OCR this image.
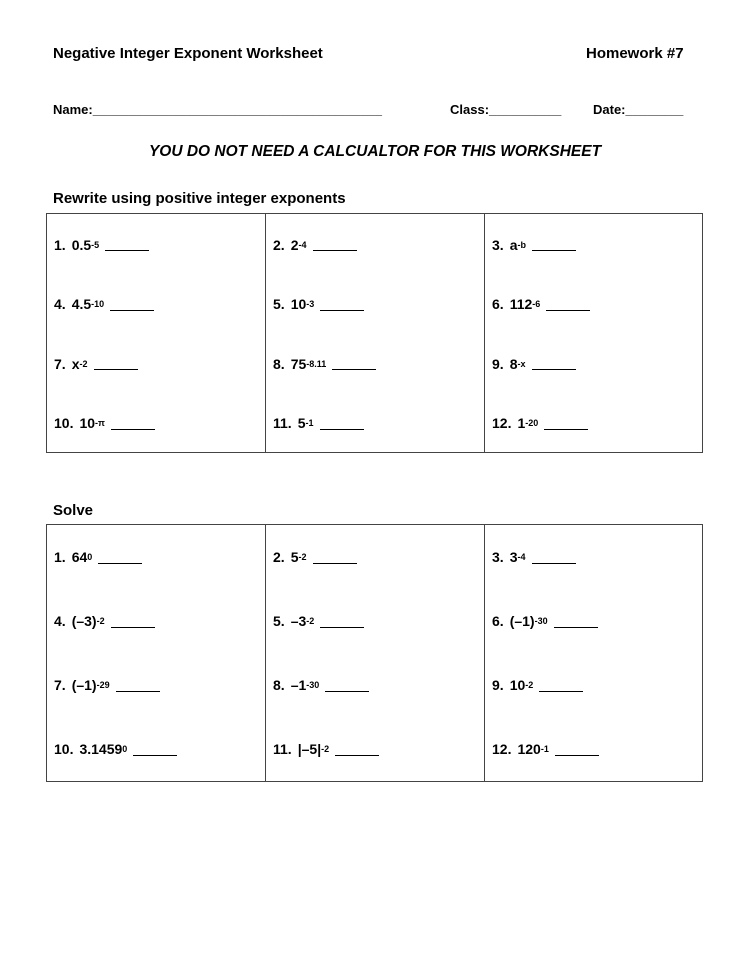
Negative Integer Exponent Worksheet	Homework #7
Name:________________________________________	Class:__________ Date:________
YOU DO NOT NEED A CALCUALTOR FOR THIS WORKSHEET
Rewrite using positive integer exponents
1. 0.5 -5	2. 2 -4	3. a -b
4. 4.5 -10	5. 10 -3	6. 112 -6
7. x -2	8. 75 -8.11	9. 8 -x
10. 10 -π	11. 5 -1	12. 1 -20
Solve
1. 64 0	2. 5 -2	3. 3 -4
4. (–3) -2	5. –3 -2	6. (–1) -30
7. (–1) -29	8. –1 -30	9. 10 -2
10. 3.1459 0	11. |–5| -2	12. 120 -1
